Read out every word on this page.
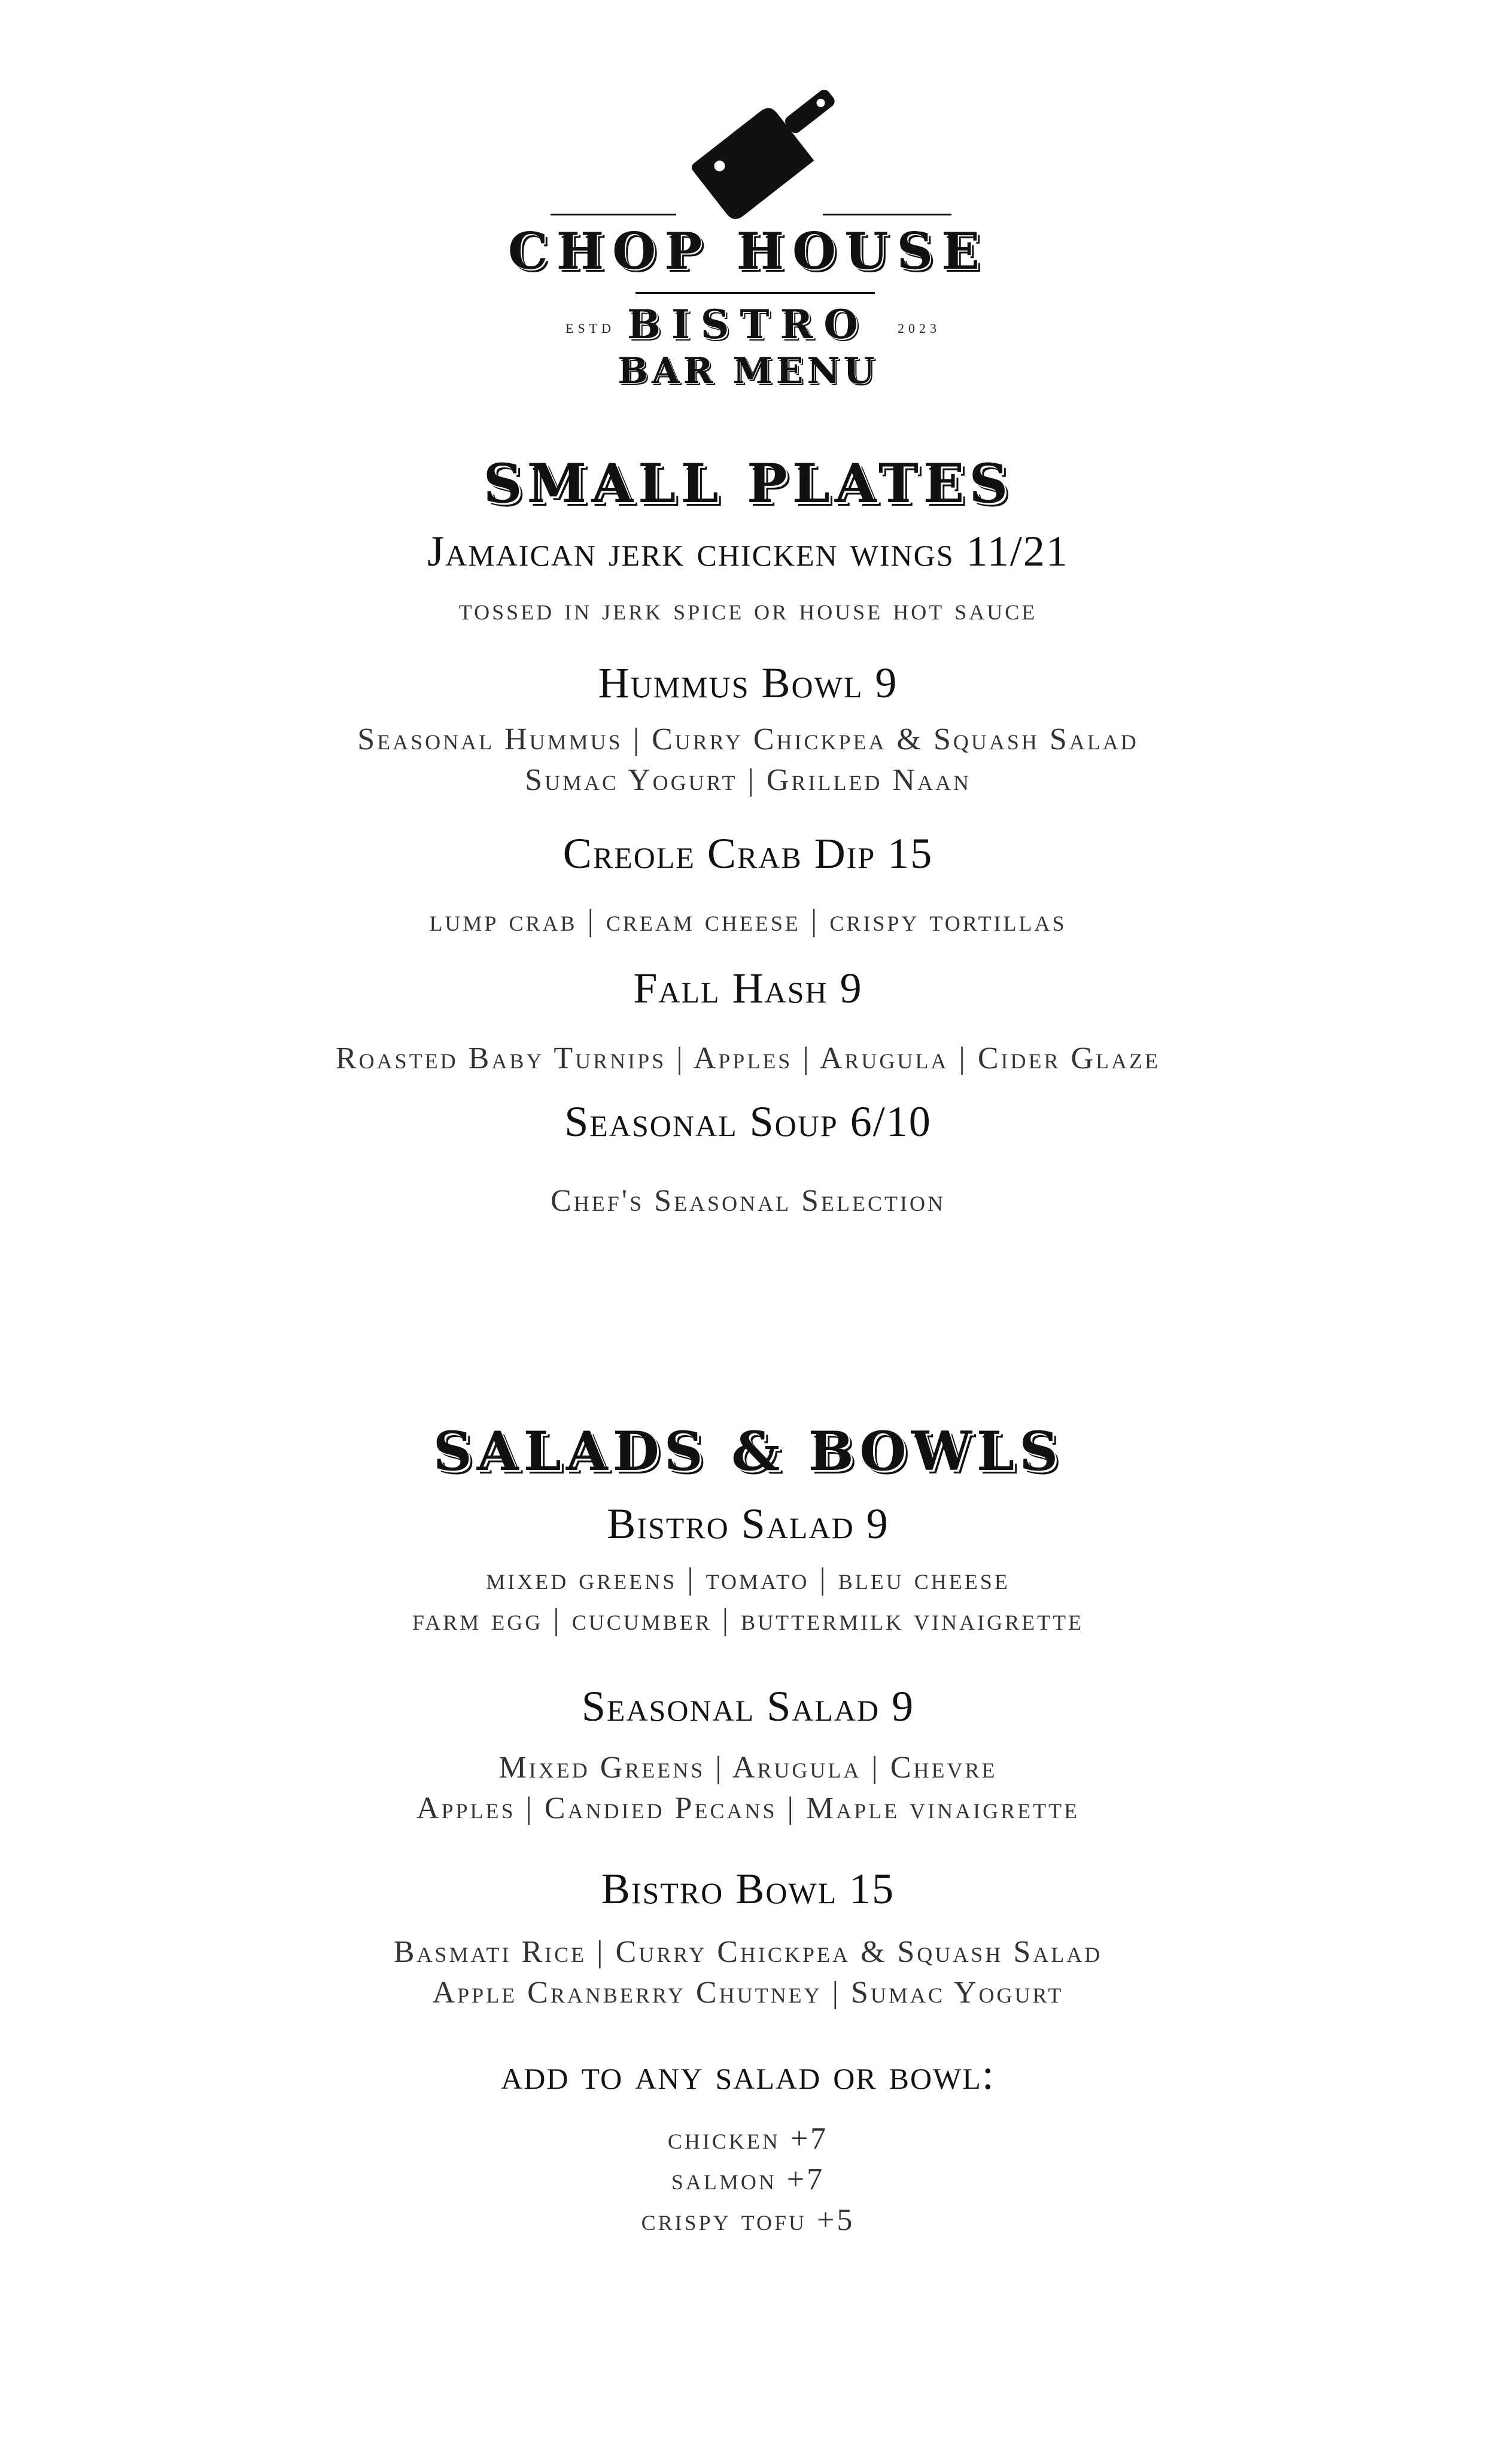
CHOP HOUSE
ESTD BISTRO	2023
BAR MENU
SMALL PLATES
Jamaican jerk chicken wings 11/21
tossed in jerk spice or house hot sauce
Hummus Bowl 9
Seasonal Hummus | Curry Chickpea & Squash Salad
Sumac Yogurt | Grilled Naan
Creole Crab Dip 15
lump crab | cream cheese | crispy tortillas
Fall Hash 9
Roasted Baby Turnips | Apples | Arugula | Cider Glaze
Seasonal Soup 6/10
Chef's Seasonal Selection
SALADS & BOWLS
Bistro Salad 9
mixed greens | tomato | bleu cheese
farm egg | cucumber | buttermilk vinaigrette
Seasonal Salad 9
Mixed Greens | Arugula | Chevre
Apples | Candied Pecans | Maple vinaigrette
Bistro Bowl 15
Basmati Rice | Curry Chickpea & Squash Salad
Apple Cranberry Chutney | Sumac Yogurt
add to any salad or bowl:
chicken +7
salmon +7
crispy tofu +5
